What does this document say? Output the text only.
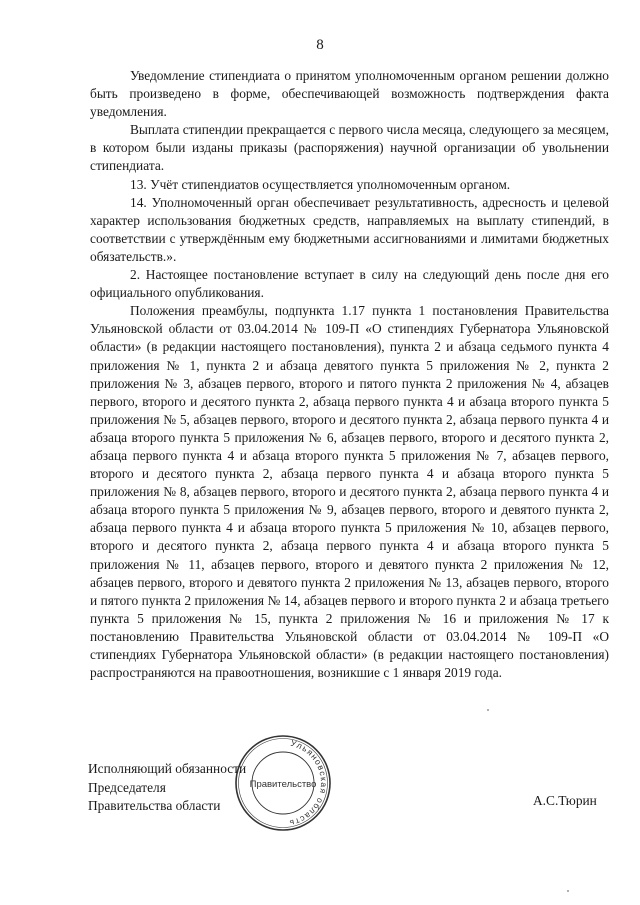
8

Уведомление стипендиата о принятом уполномоченным органом решении должно быть произведено в форме, обеспечивающей возможность подтверждения факта уведомления.

Выплата стипендии прекращается с первого числа месяца, следующего за месяцем, в котором были изданы приказы (распоряжения) научной организации об увольнении стипендиата.

13. Учёт стипендиатов осуществляется уполномоченным органом.

14. Уполномоченный орган обеспечивает результативность, адресность и целевой характер использования бюджетных средств, направляемых на выплату стипендий, в соответствии с утверждённым ему бюджетными ассигнованиями и лимитами бюджетных обязательств.».

2. Настоящее постановление вступает в силу на следующий день после дня его официального опубликования.

Положения преамбулы, подпункта 1.17 пункта 1 постановления Правительства Ульяновской области от 03.04.2014 № 109-П «О стипендиях Губернатора Ульяновской области» (в редакции настоящего постановления), пункта 2 и абзаца седьмого пункта 4 приложения № 1, пункта 2 и абзаца девятого пункта 5 приложения № 2, пункта 2 приложения № 3, абзацев первого, второго и пятого пункта 2 приложения № 4, абзацев первого, второго и десятого пункта 2, абзаца первого пункта 4 и абзаца второго пункта 5 приложения № 5, абзацев первого, второго и десятого пункта 2, абзаца первого пункта 4 и абзаца второго пункта 5 приложения № 6, абзацев первого, второго и десятого пункта 2, абзаца первого пункта 4 и абзаца второго пункта 5 приложения № 7, абзацев первого, второго и десятого пункта 2, абзаца первого пункта 4 и абзаца второго пункта 5 приложения № 8, абзацев первого, второго и десятого пункта 2, абзаца первого пункта 4 и абзаца второго пункта 5 приложения № 9, абзацев первого, второго и девятого пункта 2, абзаца первого пункта 4 и абзаца второго пункта 5 приложения № 10, абзацев первого, второго и десятого пункта 2, абзаца первого пункта 4 и абзаца второго пункта 5 приложения № 11, абзацев первого, второго и девятого пункта 2 приложения № 12, абзацев первого, второго и девятого пункта 2 приложения № 13, абзацев первого, второго и пятого пункта 2 приложения № 14, абзацев первого и второго пункта 2 и абзаца третьего пункта 5 приложения № 15, пункта 2 приложения № 16 и приложения № 17 к постановлению Правительства Ульяновской области от 03.04.2014 № 109-П «О стипендиях Губернатора Ульяновской области» (в редакции настоящего постановления) распространяются на правоотношения, возникшие с 1 января 2019 года.

Исполняющий обязанности
Председателя
Правительства области
Ульяновская область
Правительство
А.С.Тюрин
